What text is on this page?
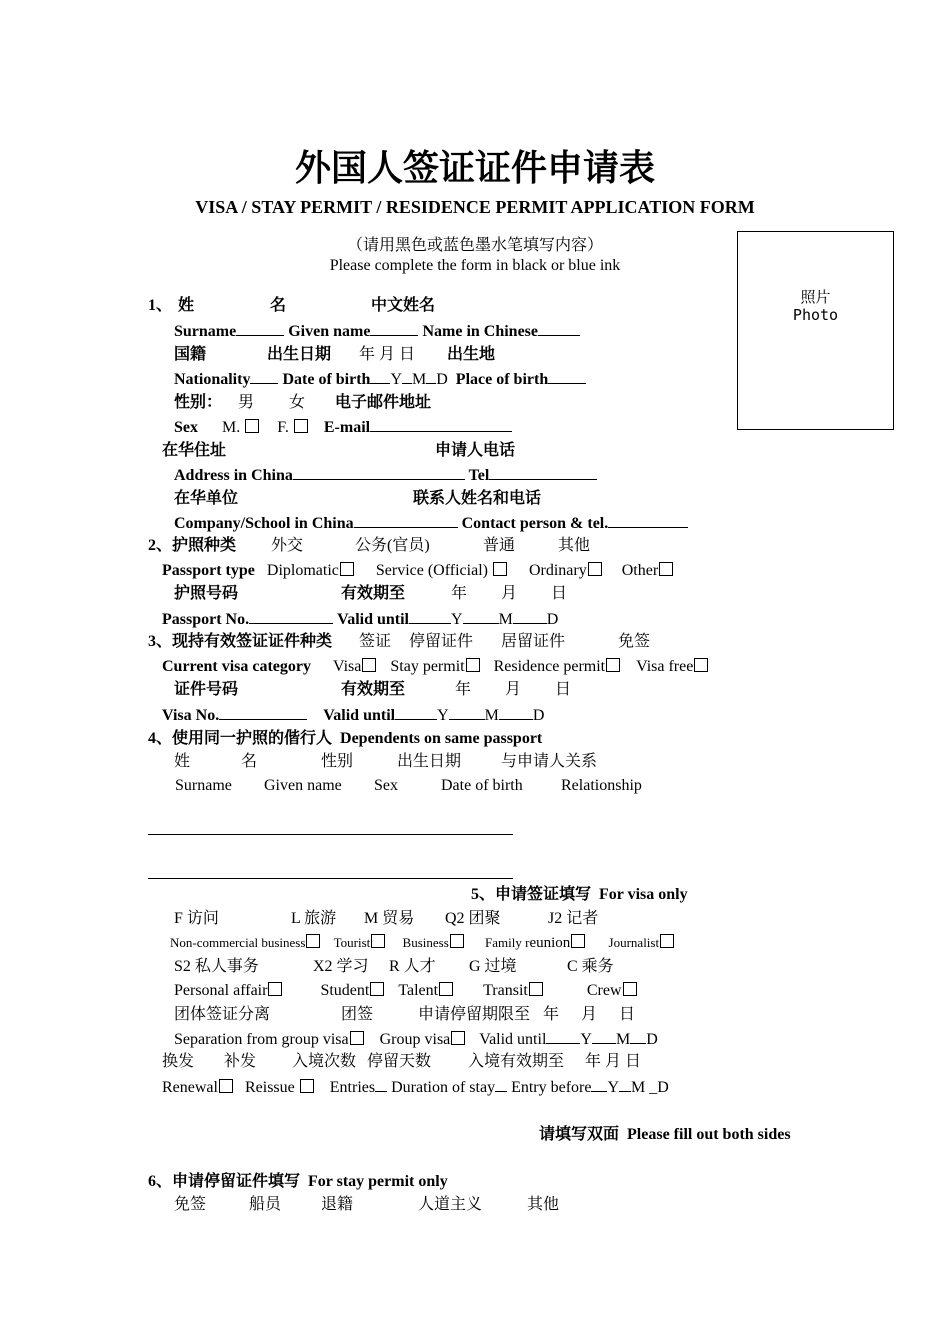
外国人签证证件申请表
VISA / STAY PERMIT / RESIDENCE PERMIT APPLICATION FORM
（请用黑色或蓝色墨水笔填写内容）
Please complete the form in black or blue ink
照片
Photo
1、 姓	名	中文姓名
Surname	Given name	Name in Chinese
国籍	出生日期 年 月 日 出生地
Nationality Date of birth Y M D Place of birth
性别： 男 女 电子邮件地址
Sex M. F. E-mail
在华住址	申请人电话
Address in China	Tel
在华单位	联系人姓名和电话
Company/School in China	Contact person & tel.
2、护照种类 外交	公务(官员)	普通	其他
Passport type Diplomatic Service (Official)	Ordinary Other
护照号码	有效期至	年 月 日
Passport No.	Valid until	Y M D
3、现持有效签证证件种类 签证 停留证件 居留证件	免签
Current visa category Visa Stay permit Residence permit Visa free
证件号码	有效期至	年 月 日
Visa No.	Valid until	Y M D
4、使用同一护照的偕行人 Dependents on same passport
姓	名	性别	出生日期 与申请人关系
Surname Given name Sex	Date of birth Relationship
5、申请签证填写 For visa only
F 访问	L 旅游 M 贸易 Q2 团聚	J2 记者
Non-commercial business Tourist Business	Family reunion	Journalist
S2 私人事务	X2 学习 R 人才 G 过境	C 乘务
Personal affair	Student Talent	Transit	Crew
团体签证分离	团签	申请停留期限至 年 月 日
Separation from group visa Group visa Valid until Y M D
换发 补发 入境次数 停留天数 入境有效期至 年 月 日
Renewal Reissue Entries Duration of stay Entry before Y M _D
请填写双面 Please fill out both sides
6、申请停留证件填写 For stay permit only
免签	船员 退籍	人道主义	其他
